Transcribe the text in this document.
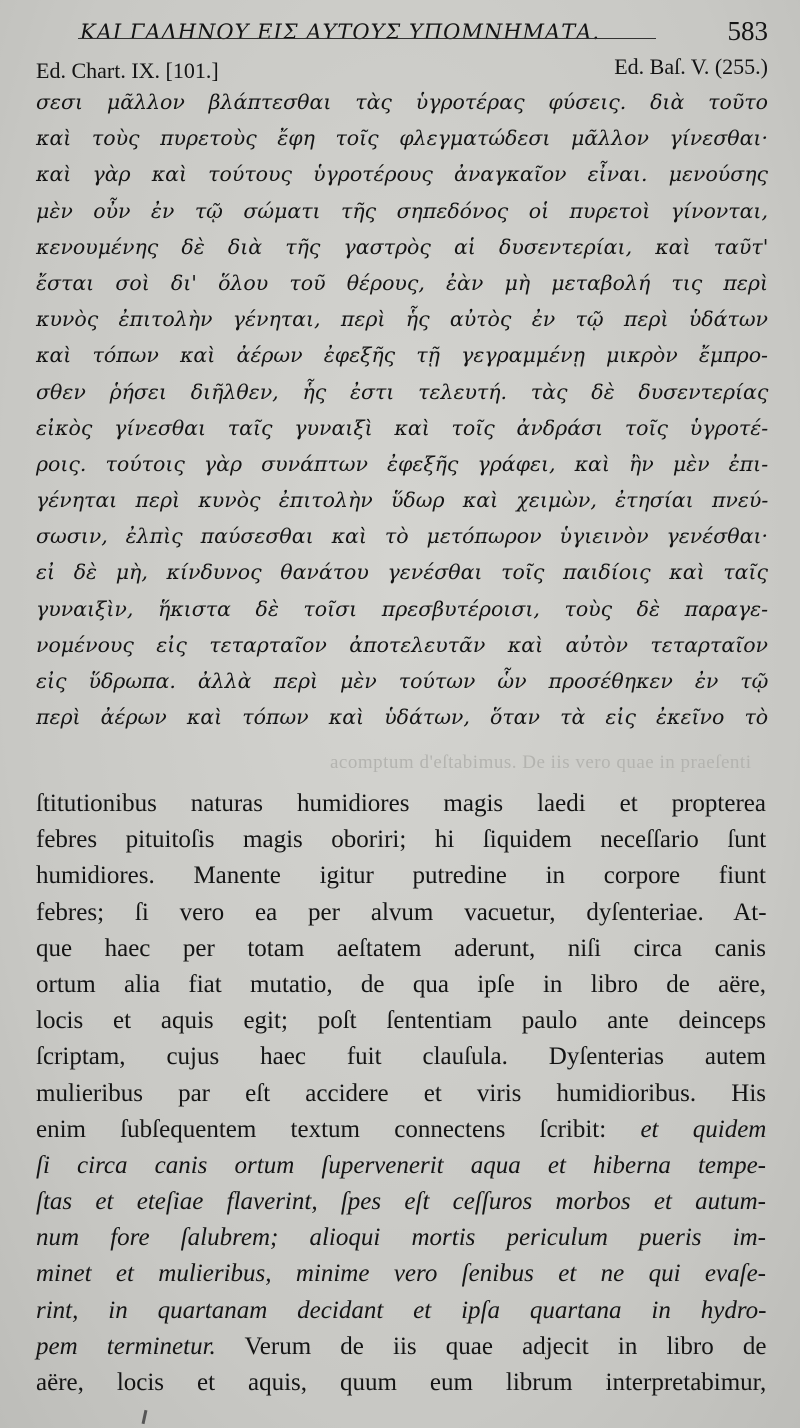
ΚΑΙ ΓΑΛΗΝΟΥ ΕΙΣ ΑΥΤΟΥΣ ΥΠΟΜΝΗΜΑΤΑ.	583
Ed. Chart. IX. [101.]	Ed. Baſ. V. (255.)
σεσι μᾶλλον βλάπτεσθαι τὰς ὑγροτέρας φύσεις. διὰ τοῦτο
καὶ τοὺς πυρετοὺς ἔφη τοῖς φλεγματώδεσι μᾶλλον γίνεσθαι·
καὶ γὰρ καὶ τούτους ὑγροτέρους ἀναγκαῖον εἶναι. μενούσης
μὲν οὖν ἐν τῷ σώματι τῆς σηπεδόνος οἱ πυρετοὶ γίνονται,
κενουμένης δὲ διὰ τῆς γαστρὸς αἱ δυσεντερίαι, καὶ ταῦτ'
ἔσται σοὶ δι' ὅλου τοῦ θέρους, ἐὰν μὴ μεταβολή τις περὶ
κυνὸς ἐπιτολὴν γένηται, περὶ ἧς αὐτὸς ἐν τῷ περὶ ὑδάτων
καὶ τόπων καὶ ἀέρων ἐφεξῆς τῇ γεγραμμένῃ μικρὸν ἔμπρο-
σθεν ῥήσει διῆλθεν, ἧς ἐστι τελευτή. τὰς δὲ δυσεντερίας
εἰκὸς γίνεσθαι ταῖς γυναιξὶ καὶ τοῖς ἀνδράσι τοῖς ὑγροτέ-
ροις. τούτοις γὰρ συνάπτων ἐφεξῆς γράφει, καὶ ἢν μὲν ἐπι-
γένηται περὶ κυνὸς ἐπιτολὴν ὕδωρ καὶ χειμὼν, ἐτησίαι πνεύ-
σωσιν, ἐλπὶς παύσεσθαι καὶ τὸ μετόπωρον ὑγιεινὸν γενέσθαι·
εἰ δὲ μὴ, κίνδυνος θανάτου γενέσθαι τοῖς παιδίοις καὶ ταῖς
γυναιξὶν, ἥκιστα δὲ τοῖσι πρεσβυτέροισι, τοὺς δὲ παραγε-
νομένους εἰς τεταρταῖον ἀποτελευτᾶν καὶ αὐτὸν τεταρταῖον
εἰς ὕδρωπα. ἀλλὰ περὶ μὲν τούτων ὧν προσέθηκεν ἐν τῷ
περὶ ἀέρων καὶ τόπων καὶ ὑδάτων, ὅταν τὰ εἰς ἐκεῖνο τὸ
acomptum d'eſtabimus. De iis vero quae in praeſenti
ſtitutionibus naturas humidiores magis laedi et propterea
febres pituitoſis magis oboriri; hi ſiquidem neceſſario ſunt
humidiores. Manente igitur putredine in corpore fiunt
febres; ſi vero ea per alvum vacuetur, dyſenteriae. At-
que haec per totam aeſtatem aderunt, niſi circa canis
ortum alia fiat mutatio, de qua ipſe in libro de aëre,
locis et aquis egit; poſt ſententiam paulo ante deinceps
ſcriptam, cujus haec fuit clauſula. Dyſenterias autem
mulieribus par eſt accidere et viris humidioribus. His
enim ſubſequentem textum connectens ſcribit: et quidem
ſi circa canis ortum ſupervenerit aqua et hiberna tempe-
ſtas et eteſiae flaverint, ſpes eſt ceſſuros morbos et autum-
num fore ſalubrem; alioqui mortis periculum pueris im-
minet et mulieribus, minime vero ſenibus et ne qui evaſe-
rint, in quartanam decidant et ipſa quartana in hydro-
pem terminetur. Verum de iis quae adjecit in libro de
aëre, locis et aquis, quum eum librum interpretabimur,
